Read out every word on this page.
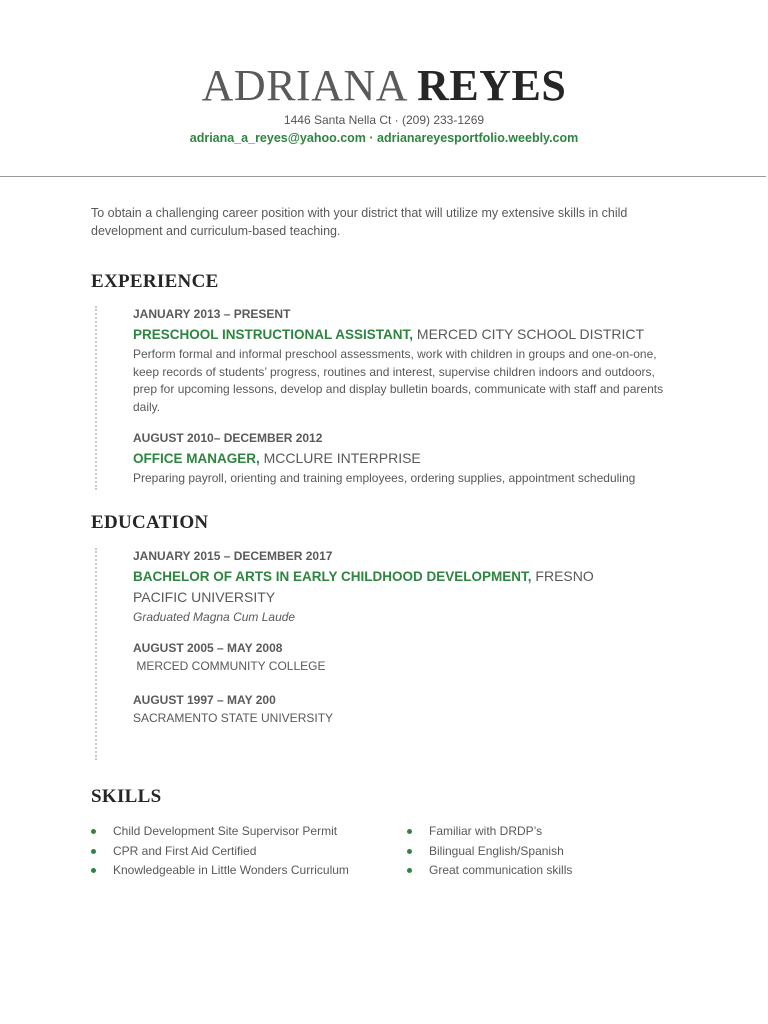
ADRIANA REYES
1446 Santa Nella Ct · (209) 233-1269
adriana_a_reyes@yahoo.com · adrianareyesportfolio.weebly.com
To obtain a challenging career position with your district that will utilize my extensive skills in child development and curriculum-based teaching.
EXPERIENCE
JANUARY 2013 – PRESENT
PRESCHOOL INSTRUCTIONAL ASSISTANT, MERCED CITY SCHOOL DISTRICT
Perform formal and informal preschool assessments, work with children in groups and one-on-one, keep records of students’ progress, routines and interest, supervise children indoors and outdoors, prep for upcoming lessons, develop and display bulletin boards, communicate with staff and parents daily.
AUGUST 2010– DECEMBER 2012
OFFICE MANAGER, MCCLURE INTERPRISE
Preparing payroll, orienting and training employees, ordering supplies, appointment scheduling
EDUCATION
JANUARY 2015 – DECEMBER 2017
BACHELOR OF ARTS IN EARLY CHILDHOOD DEVELOPMENT, FRESNO PACIFIC UNIVERSITY
Graduated Magna Cum Laude
AUGUST 2005 – MAY 2008
MERCED COMMUNITY COLLEGE
AUGUST 1997 – MAY 200
SACRAMENTO STATE UNIVERSITY
SKILLS
Child Development Site Supervisor Permit
CPR and First Aid Certified
Knowledgeable in Little Wonders Curriculum
Familiar with DRDP’s
Bilingual English/Spanish
Great communication skills
